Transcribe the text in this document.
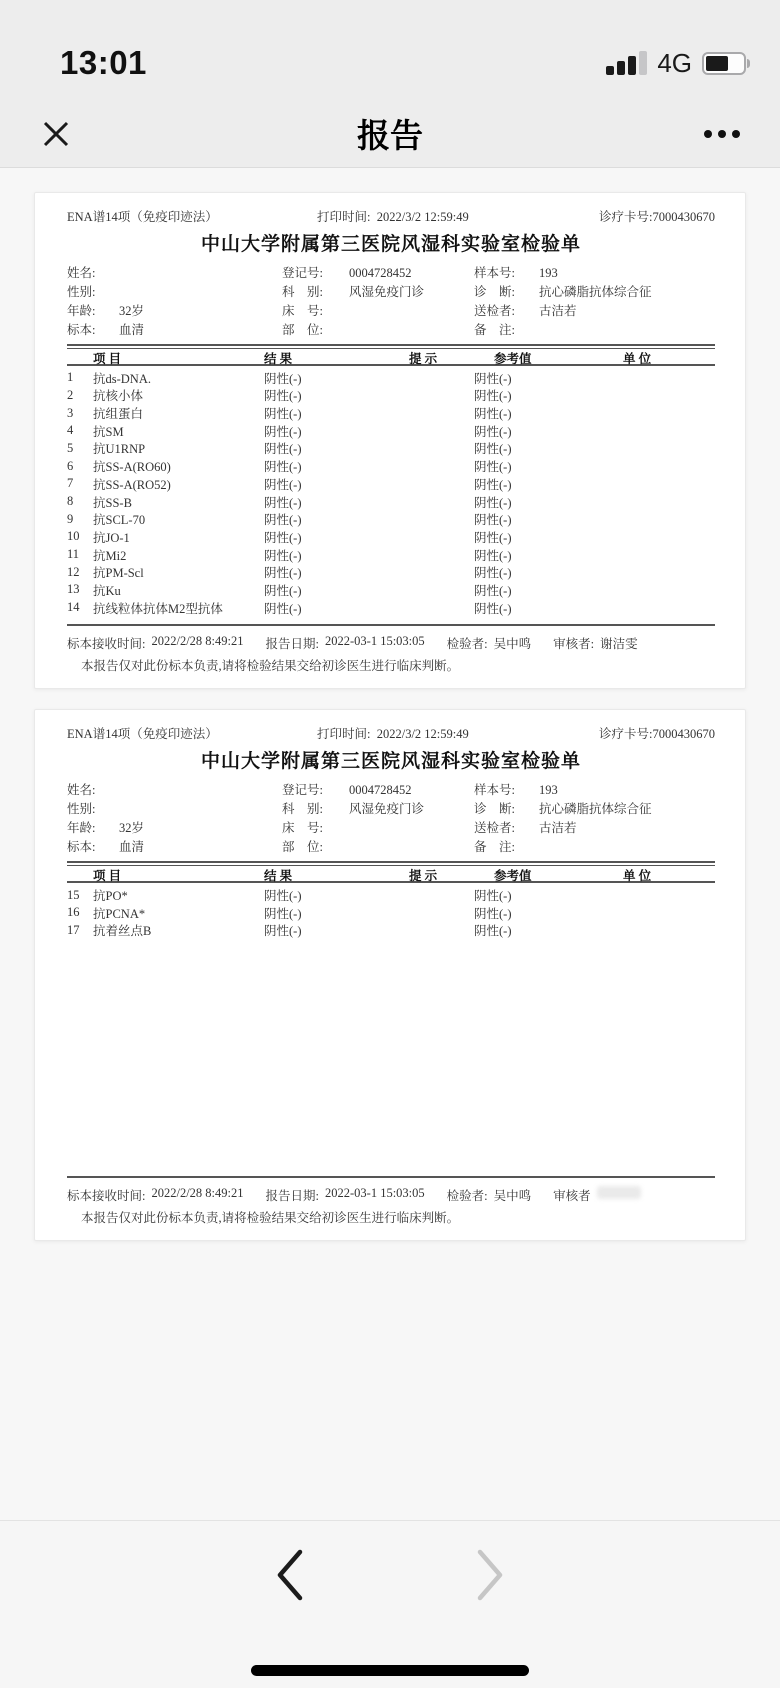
13:01	4G
报告
ENA谱14项（免疫印迹法）	打印时间: 2022/3/2 12:59:49	诊疗卡号:7000430670
中山大学附属第三医院风湿科实验室检验单
姓名:	登记号:	0004728452	样本号:	193
性别:	科　别:	风湿免疫门诊	诊　断:	抗心磷脂抗体综合征
年龄:	32岁	床　号:	送检者:	古洁若
标本:	血清	部　位:	备　注:
项 目	结 果	提 示	参考值	单 位
1	抗ds-DNA.	阴性(-)	阴性(-)
2	抗核小体	阴性(-)	阴性(-)
3	抗组蛋白	阴性(-)	阴性(-)
4	抗SM	阴性(-)	阴性(-)
5	抗U1RNP	阴性(-)	阴性(-)
6	抗SS-A(RO60)	阴性(-)	阴性(-)
7	抗SS-A(RO52)	阴性(-)	阴性(-)
8	抗SS-B	阴性(-)	阴性(-)
9	抗SCL-70	阴性(-)	阴性(-)
10	抗JO-1	阴性(-)	阴性(-)
11	抗Mi2	阴性(-)	阴性(-)
12	抗PM-Scl	阴性(-)	阴性(-)
13	抗Ku	阴性(-)	阴性(-)
14	抗线粒体抗体M2型抗体	阴性(-)	阴性(-)
标本接收时间: 2022/2/28 8:49:21 报告日期: 2022-03-1 15:03:05 检验者: 吴中鸣 审核者: 谢洁雯
本报告仅对此份标本负责,请将检验结果交给初诊医生进行临床判断。
ENA谱14项（免疫印迹法）	打印时间: 2022/3/2 12:59:49	诊疗卡号:7000430670
中山大学附属第三医院风湿科实验室检验单
姓名:	登记号:	0004728452	样本号:	193
性别:	科　别:	风湿免疫门诊	诊　断:	抗心磷脂抗体综合征
年龄:	32岁	床　号:	送检者:	古洁若
标本:	血清	部　位:	备　注:
项 目	结 果	提 示	参考值	单 位
15	抗PO*	阴性(-)	阴性(-)
16	抗PCNA*	阴性(-)	阴性(-)
17	抗着丝点B	阴性(-)	阴性(-)
标本接收时间: 2022/2/28 8:49:21 报告日期: 2022-03-1 15:03:05 检验者: 吴中鸣 审核者
本报告仅对此份标本负责,请将检验结果交给初诊医生进行临床判断。
